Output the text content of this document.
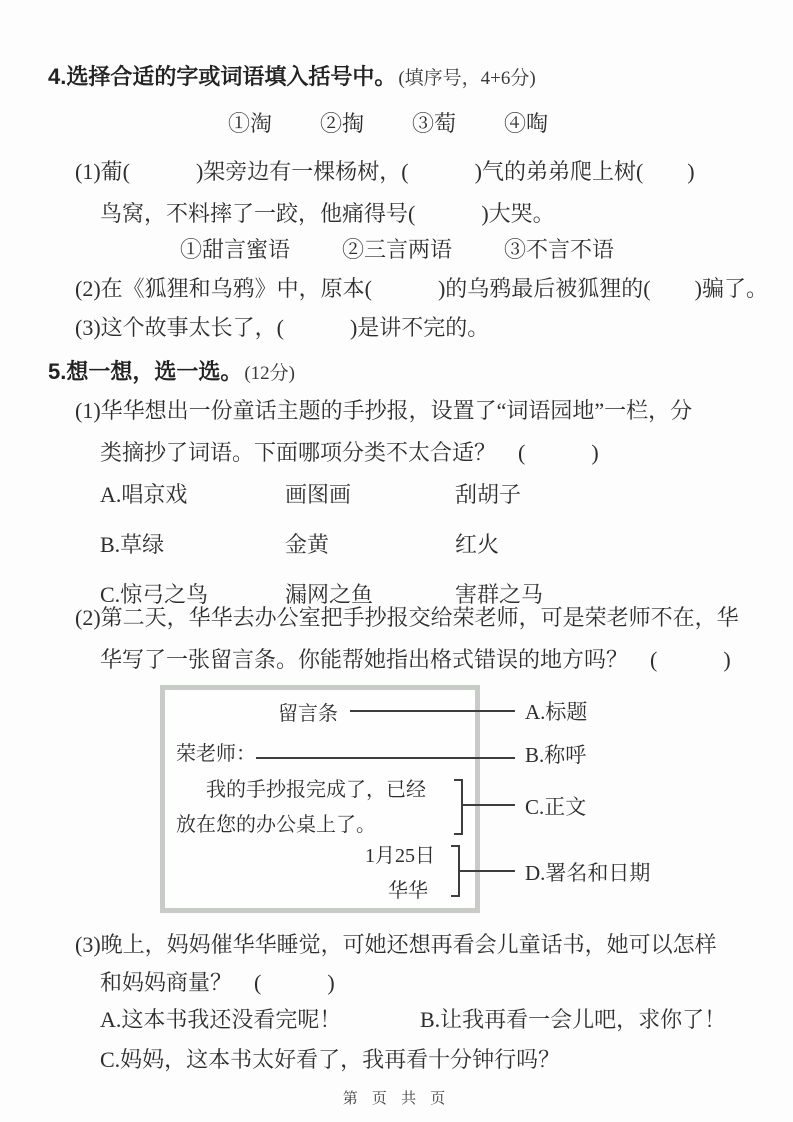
4.选择合适的字或词语填入括号中。 (填序号，4+6分)
①淘 ②掏 ③萄 ④啕
(1)葡(　　　)架旁边有一棵杨树，(　　　)气的弟弟爬上树(　　)
鸟窝，不料摔了一跤，他痛得号(　　　)大哭。
①甜言蜜语 ②三言两语 ③不言不语
(2)在《狐狸和乌鸦》中，原本(　　　)的乌鸦最后被狐狸的(　　)骗了。
(3)这个故事太长了，(　　　)是讲不完的。
5.想一想，选一选。 (12分)
(1)华华想出一份童话主题的手抄报，设置了“词语园地”一栏，分
类摘抄了词语。下面哪项分类不太合适？　(　　　)
A.唱京戏	画图画	刮胡子
B.草绿	金黄	红火
C.惊弓之鸟	漏网之鱼	害群之马
(2)第二天，华华去办公室把手抄报交给荣老师，可是荣老师不在，华
华写了一张留言条。你能帮她指出格式错误的地方吗？　(　　　)
留言条	A.标题
荣老师：	B.称呼
我的手抄报完成了，已经
放在您的办公桌上了。
C.正文
1月25日
华华
D.署名和日期
(3)晚上，妈妈催华华睡觉，可她还想再看会儿童话书，她可以怎样
和妈妈商量？　(　　　)
A.这本书我还没看完呢！	B.让我再看一会儿吧，求你了！
C.妈妈，这本书太好看了，我再看十分钟行吗？
第 页 共 页
